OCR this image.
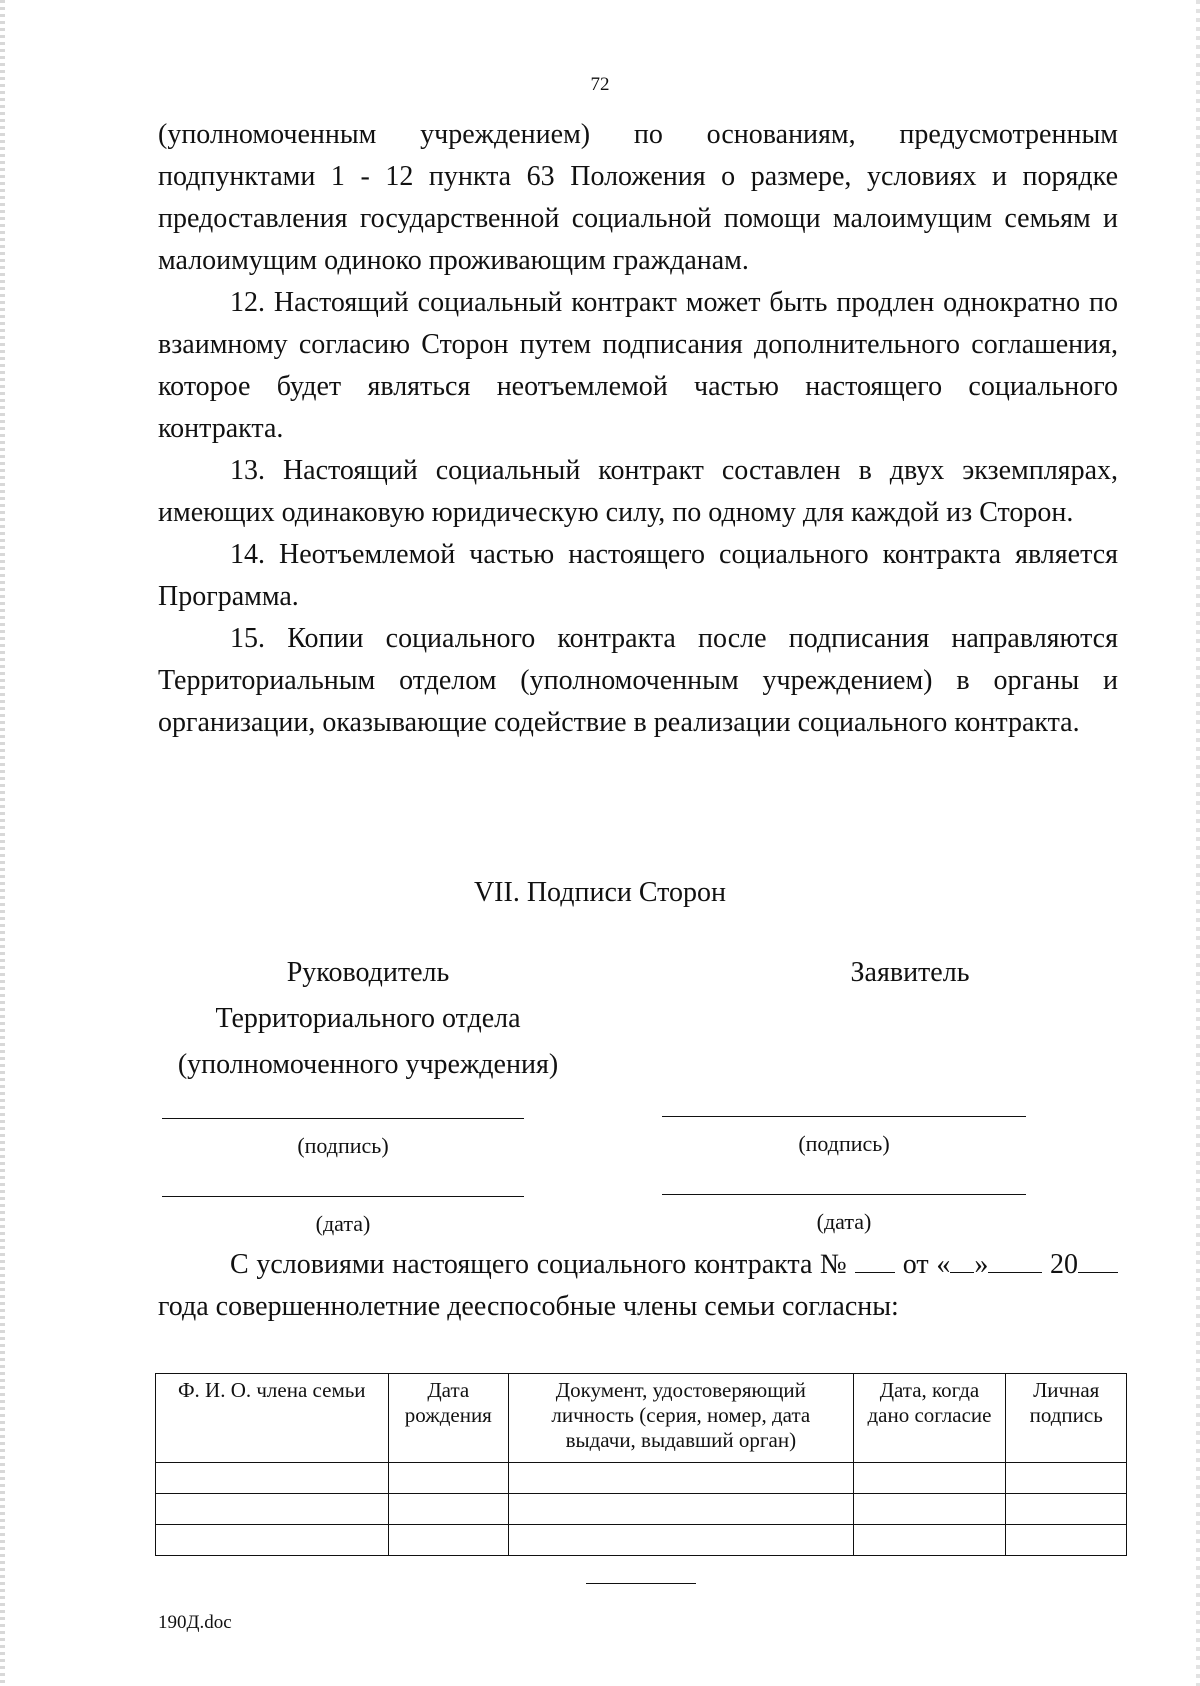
72

(уполномоченным учреждением) по основаниям, предусмотренным подпунктами 1 - 12 пункта 63 Положения о размере, условиях и порядке предоставления государственной социальной помощи малоимущим семьям и малоимущим одиноко проживающим гражданам.

12. Настоящий социальный контракт может быть продлен однократно по взаимному согласию Сторон путем подписания дополнительного соглашения, которое будет являться неотъемлемой частью настоящего социального контракта.

13. Настоящий социальный контракт составлен в двух экземплярах, имеющих одинаковую юридическую силу, по одному для каждой из Сторон.

14. Неотъемлемой частью настоящего социального контракта является Программа.

15. Копии социального контракта после подписания направляются Территориальным отделом (уполномоченным учреждением) в органы и организации, оказывающие содействие в реализации социального контракта.

VII. Подписи Сторон
Руководитель
Территориального отдела
(уполномоченного учреждения)
Заявитель
(подпись)
(дата)
(подпись)
(дата)

С условиями настоящего социального контракта № от « » 20 года совершеннолетние дееспособные члены семьи согласны:

Ф. И. О. члена семьи	Дата рождения	Документ, удостоверяющий личность (серия, номер, дата выдачи, выдавший орган)	Дата, когда дано согласие	Личная подпись

190Д.doc
